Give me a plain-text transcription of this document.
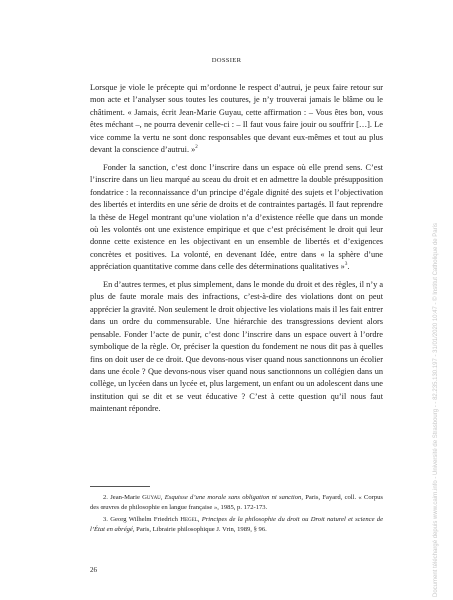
DOSSIER

Lorsque je viole le précepte qui m’ordonne le respect d’autrui, je peux faire retour sur mon acte et l’analyser sous toutes les coutures, je n’y trouverai jamais le blâme ou le châtiment. « Jamais, écrit Jean-Marie Guyau, cette affirmation : – Vous êtes bon, vous êtes méchant –, ne pourra devenir celle-ci : – Il faut vous faire jouir ou souffrir […]. Le vice comme la vertu ne sont donc responsables que devant eux-mêmes et tout au plus devant la conscience d’autrui. »$^2$

Fonder la sanction, c’est donc l’inscrire dans un espace où elle prend sens. C’est l’inscrire dans un lieu marqué au sceau du droit et en admettre la double présupposition fondatrice : la reconnaissance d’un principe d’égale dignité des sujets et l’objectivation des libertés et interdits en une série de droits et de contraintes partagés. Il faut reprendre la thèse de Hegel montrant qu’une violation n’a d’existence réelle que dans un monde où les volontés ont une existence empirique et que c’est précisément le droit qui leur donne cette existence en les objectivant en un ensemble de libertés et d’exigences concrètes et positives. La volonté, en devenant Idée, entre dans « la sphère d’une appréciation quantitative comme dans celle des déterminations qualitatives »$^3$.

En d’autres termes, et plus simplement, dans le monde du droit et des règles, il n’y a plus de faute morale mais des infractions, c’est-à-dire des violations dont on peut apprécier la gravité. Non seulement le droit objective les violations mais il les fait entrer dans un ordre du commensurable. Une hiérarchie des transgressions devient alors pensable. Fonder l’acte de punir, c’est donc l’inscrire dans un espace ouvert à l’ordre symbolique de la règle. Or, préciser la question du fondement ne nous dit pas à quelles fins on doit user de ce droit. Que devons-nous viser quand nous sanctionnons un écolier dans une école ? Que devons-nous viser quand nous sanctionnons un collégien dans un collège, un lycéen dans un lycée et, plus largement, un enfant ou un adolescent dans une institution qui se dit et se veut éducative ? C’est à cette question qu’il nous faut maintenant répondre.

2. Jean-Marie Guyau, Esquisse d’une morale sans obligation ni sanction, Paris, Fayard, coll. « Corpus des œuvres de philosophie en langue française », 1985, p. 172-173.

3. Georg Wilhelm Friedrich Hegel, Principes de la philosophie du droit ou Droit naturel et science de l’État en abrégé, Paris, Librairie philosophique J. Vrin, 1989, § 96.

26	Document téléchargé depuis www.cairn.info - Université de Strasbourg - - 82.235.130.197 - 31/01/2020 10:47 - © Institut Catholique de Paris
